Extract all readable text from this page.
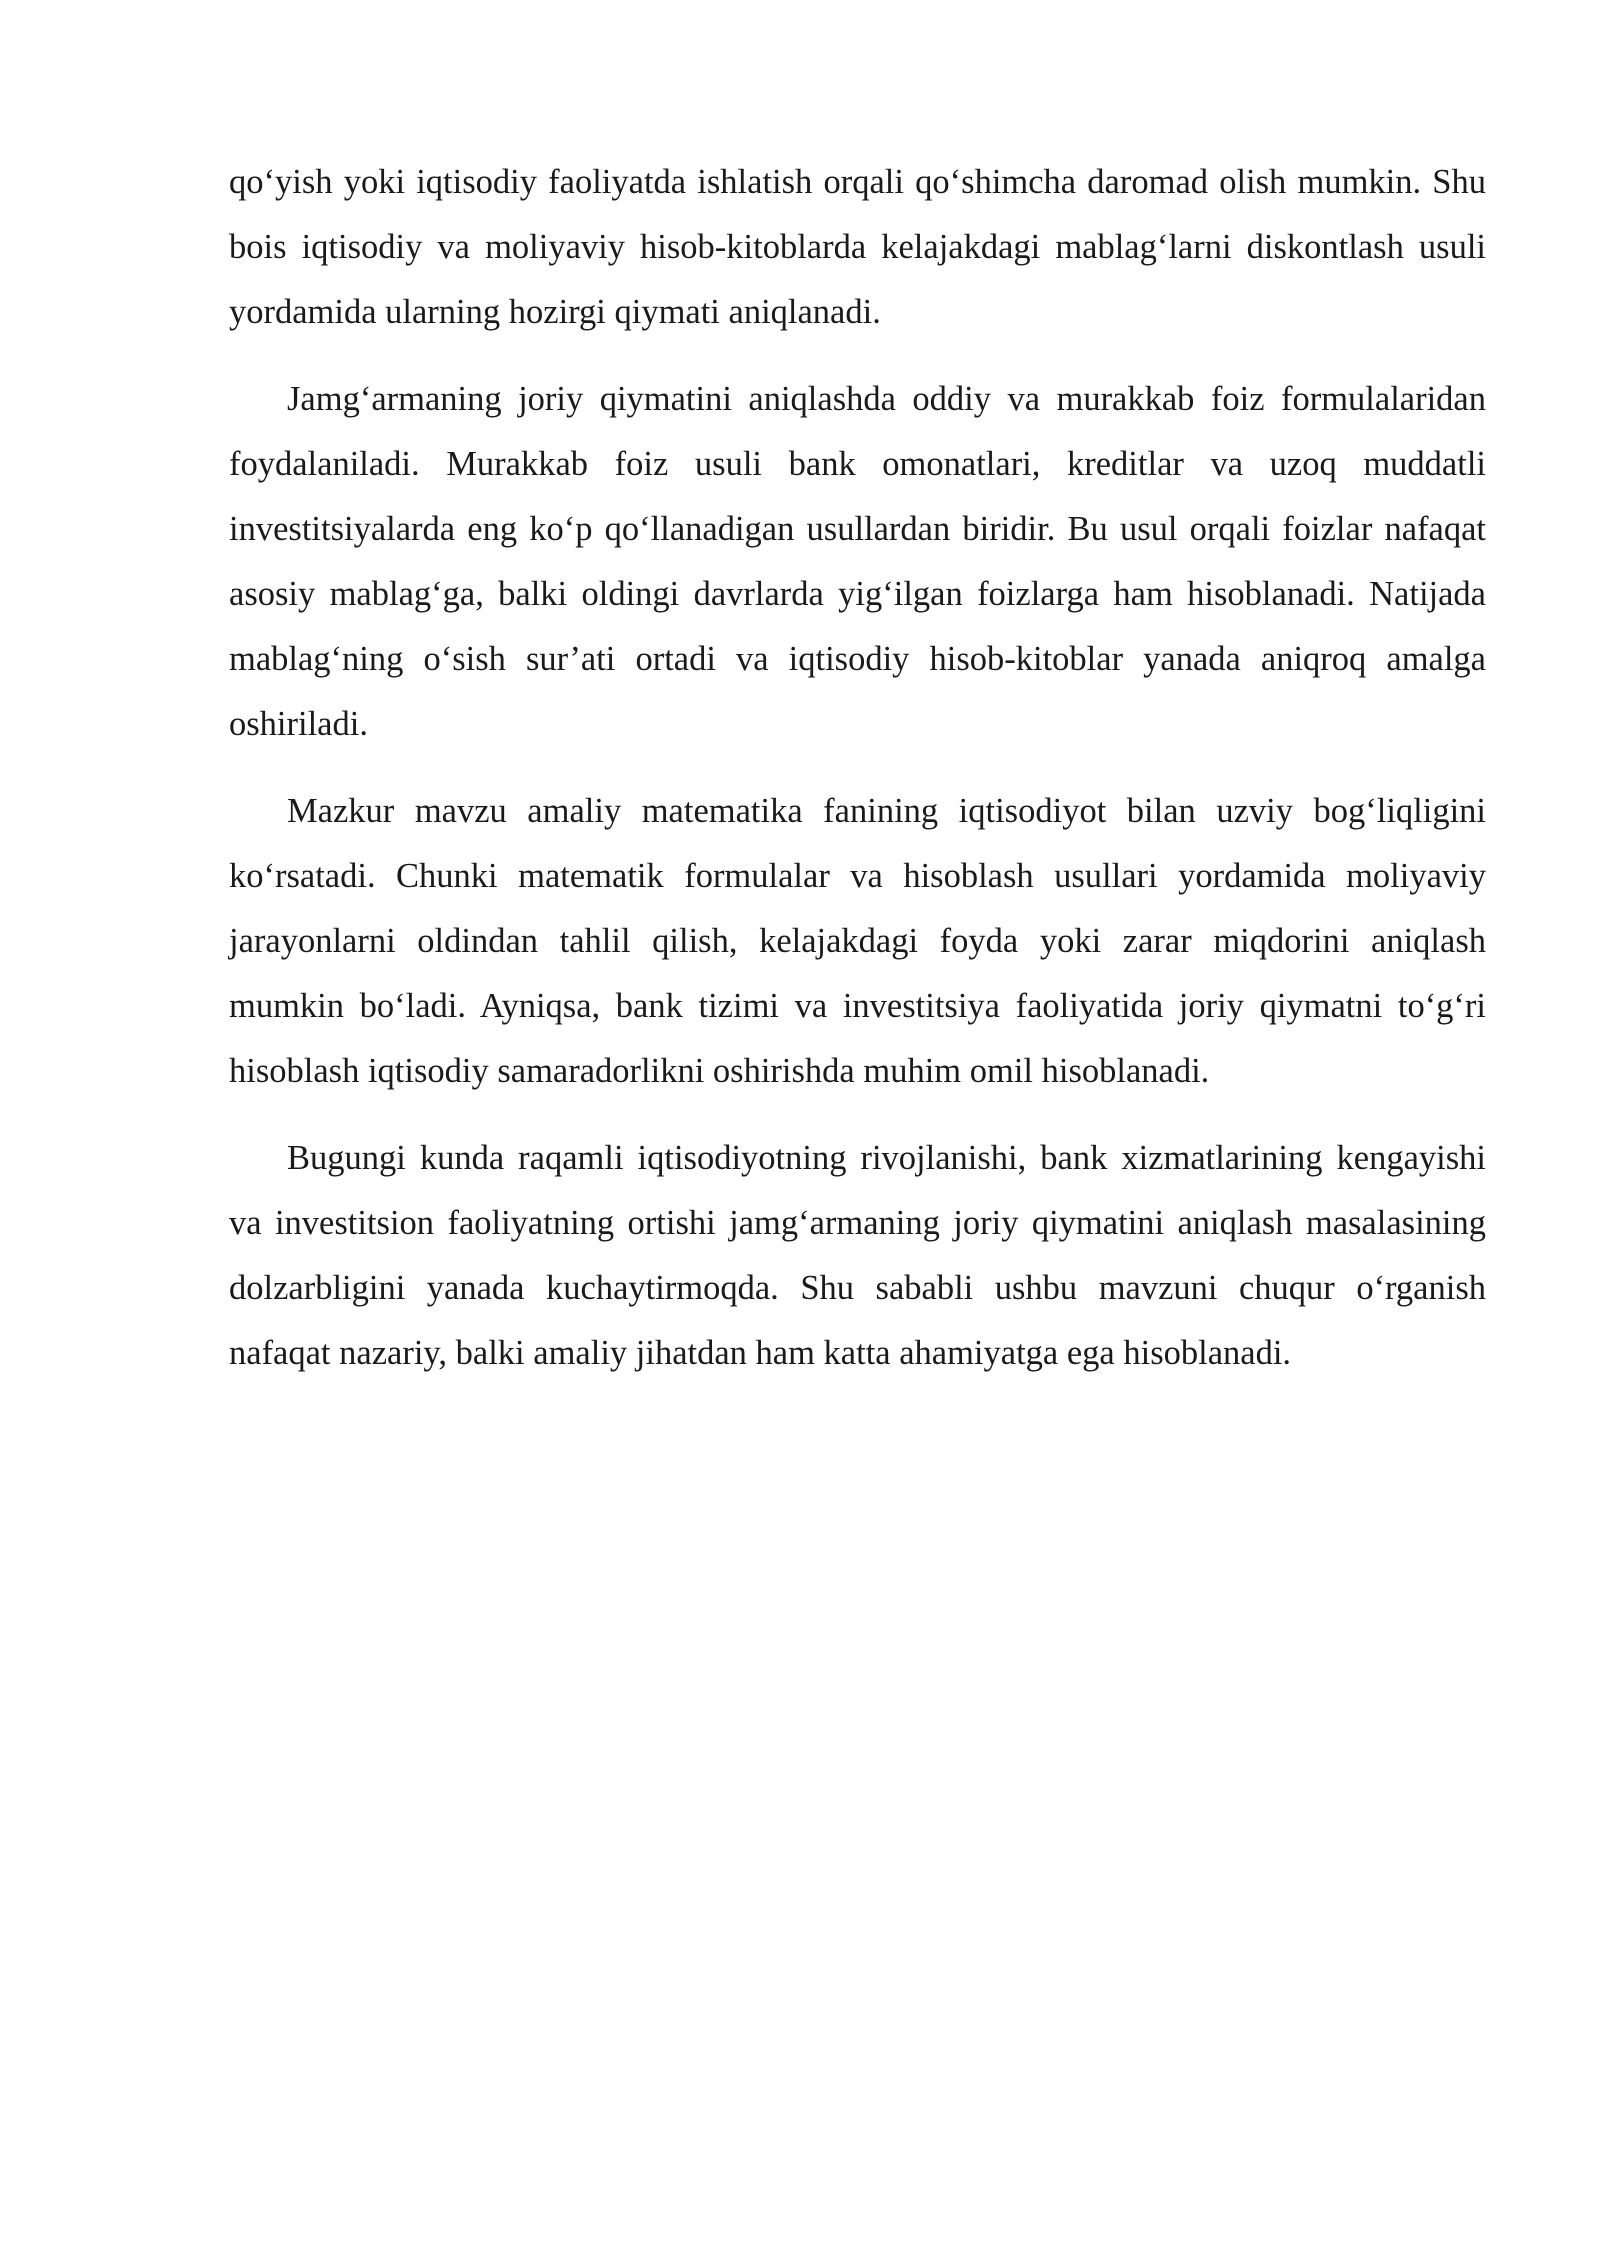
qo‘yish yoki iqtisodiy faoliyatda ishlatish orqali qo‘shimcha daromad olish mumkin. Shu bois iqtisodiy va moliyaviy hisob-kitoblarda kelajakdagi mablag‘larni diskontlash usuli yordamida ularning hozirgi qiymati aniqlanadi.

Jamg‘armaning joriy qiymatini aniqlashda oddiy va murakkab foiz formulalaridan foydalaniladi. Murakkab foiz usuli bank omonatlari, kreditlar va uzoq muddatli investitsiyalarda eng ko‘p qo‘llanadigan usullardan biridir. Bu usul orqali foizlar nafaqat asosiy mablag‘ga, balki oldingi davrlarda yig‘ilgan foizlarga ham hisoblanadi. Natijada mablag‘ning o‘sish sur’ati ortadi va iqtisodiy hisob-kitoblar yanada aniqroq amalga oshiriladi.

Mazkur mavzu amaliy matematika fanining iqtisodiyot bilan uzviy bog‘liqligini ko‘rsatadi. Chunki matematik formulalar va hisoblash usullari yordamida moliyaviy jarayonlarni oldindan tahlil qilish, kelajakdagi foyda yoki zarar miqdorini aniqlash mumkin bo‘ladi. Ayniqsa, bank tizimi va investitsiya faoliyatida joriy qiymatni to‘g‘ri hisoblash iqtisodiy samaradorlikni oshirishda muhim omil hisoblanadi.

Bugungi kunda raqamli iqtisodiyotning rivojlanishi, bank xizmatlarining kengayishi va investitsion faoliyatning ortishi jamg‘armaning joriy qiymatini aniqlash masalasining dolzarbligini yanada kuchaytirmoqda. Shu sababli ushbu mavzuni chuqur o‘rganish nafaqat nazariy, balki amaliy jihatdan ham katta ahamiyatga ega hisoblanadi.
